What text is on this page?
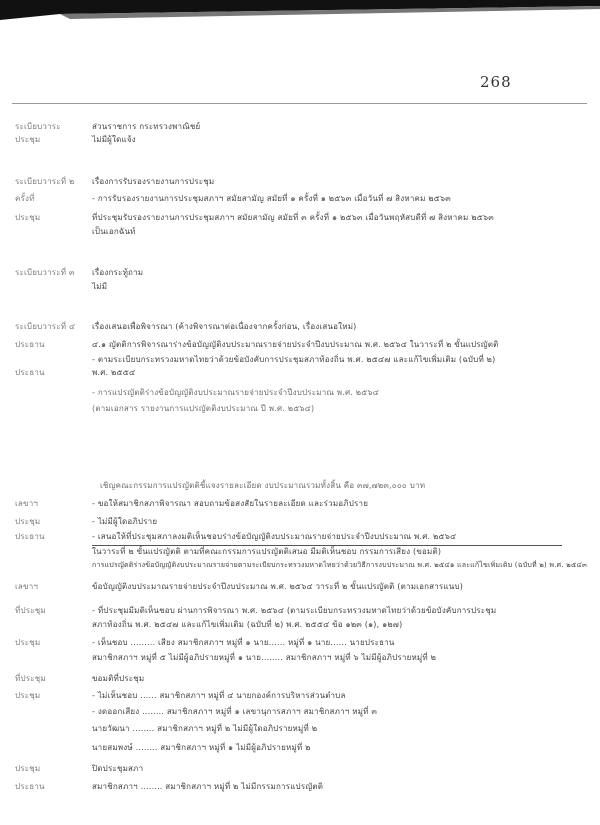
268
ระเบียบวาระ
ประชุม
ระเบียบวาระที่ ๒
ครั้งที่
ประชุม
ระเบียบวาระที่ ๓
ระเบียบวาระที่ ๔
ประธาน
ประธาน
เลขาฯ
ประชุม
ประธาน
เลขาฯ
ที่ประชุม
ประชุม
ที่ประชุม
ประชุม
ประชุม
ประธาน
ส่วนราชการ กระทรวงพาณิชย์
ไม่มีผู้ใดแจ้ง
เรื่องการรับรองรายงานการประชุม
- การรับรองรายงานการประชุมสภาฯ สมัยสามัญ สมัยที่ ๑ ครั้งที่ ๑ ๒๕๖๓ เมื่อวันที่ ๗ สิงหาคม ๒๕๖๓
ที่ประชุมรับรองรายงานการประชุมสภาฯ สมัยสามัญ สมัยที่ ๓ ครั้งที่ ๑ ๒๕๖๓ เมื่อวันพฤหัสบดีที่ ๗ สิงหาคม ๒๕๖๓
เป็นเอกฉันท์
เรื่องกระทู้ถาม
ไม่มี
เรื่องเสนอเพื่อพิจารณา (ค้างพิจารณาต่อเนื่องจากครั้งก่อน, เรื่องเสนอใหม่)
๔.๑ ญัตติการพิจารณาร่างข้อบัญญัติงบประมาณรายจ่ายประจำปีงบประมาณ พ.ศ. ๒๕๖๔ ในวาระที่ ๒ ขั้นแปรญัตติ
- ตามระเบียบกระทรวงมหาดไทยว่าด้วยข้อบังคับการประชุมสภาท้องถิ่น พ.ศ. ๒๕๔๗ และแก้ไขเพิ่มเติม (ฉบับที่ ๒)
พ.ศ. ๒๕๕๔
- การแปรญัตติร่างข้อบัญญัติงบประมาณรายจ่ายประจำปีงบประมาณ พ.ศ. ๒๕๖๔
(ตามเอกสาร รายงานการแปรญัตติงบประมาณ ปี พ.ศ. ๒๕๖๔)
เชิญคณะกรรมการแปรญัตติชี้แจงรายละเอียด งบประมาณรวมทั้งสิ้น คือ ๓๗,๗๒๓,๐๐๐ บาท
- ขอให้สมาชิกสภาพิจารณา สอบถามข้อสงสัยในรายละเอียด และร่วมอภิปราย
- ไม่มีผู้ใดอภิปราย
- เสนอให้ที่ประชุมสภาลงมติเห็นชอบร่างข้อบัญญัติงบประมาณรายจ่ายประจำปีงบประมาณ พ.ศ. ๒๕๖๔
ในวาระที่ ๒ ขั้นแปรญัตติ ตามที่คณะกรรมการแปรญัตติเสนอ มีมติเห็นชอบ กรรมการเสียง (ขอมติ)
การแปรญัตติร่างข้อบัญญัติงบประมาณรายจ่ายตามระเบียบกระทรวงมหาดไทยว่าด้วยวิธีการงบประมาณ พ.ศ. ๒๕๔๑ และแก้ไขเพิ่มเติม (ฉบับที่ ๒) พ.ศ. ๒๕๔๓
ข้อบัญญัติงบประมาณรายจ่ายประจำปีงบประมาณ พ.ศ. ๒๕๖๔ วาระที่ ๒ ขั้นแปรญัตติ (ตามเอกสารแนบ)
- ที่ประชุมมีมติเห็นชอบ ผ่านการพิจารณา พ.ศ. ๒๕๖๔ (ตามระเบียบกระทรวงมหาดไทยว่าด้วยข้อบังคับการประชุม
สภาท้องถิ่น พ.ศ. ๒๕๔๗ และแก้ไขเพิ่มเติม (ฉบับที่ ๒) พ.ศ. ๒๕๕๔ ข้อ ๑๒๓ (๑), ๑๒๗)
- เห็นชอบ ......... เสียง สมาชิกสภาฯ หมู่ที่ ๑ นาย...... หมู่ที่ ๑ นาย...... นายประธาน
สมาชิกสภาฯ หมู่ที่ ๕ ไม่มีผู้อภิปรายหมู่ที่ ๑ นาย........ สมาชิกสภาฯ หมู่ที่ ๖ ไม่มีผู้อภิปรายหมู่ที่ ๒
ขอมติที่ประชุม
- ไม่เห็นชอบ ...... สมาชิกสภาฯ หมู่ที่ ๔ นายกองค์การบริหารส่วนตำบล
- งดออกเสียง ........ สมาชิกสภาฯ หมู่ที่ ๑ เลขานุการสภาฯ สมาชิกสภาฯ หมู่ที่ ๓
นายวัฒนา ........ สมาชิกสภาฯ หมู่ที่ ๒ ไม่มีผู้ใดอภิปรายหมู่ที่ ๒
นายสมพงษ์ ........ สมาชิกสภาฯ หมู่ที่ ๑ ไม่มีผู้อภิปรายหมู่ที่ ๒
ปิดประชุมสภา
สมาชิกสภาฯ ........ สมาชิกสภาฯ หมู่ที่ ๒ ไม่มีกรรมการแปรญัตติ
